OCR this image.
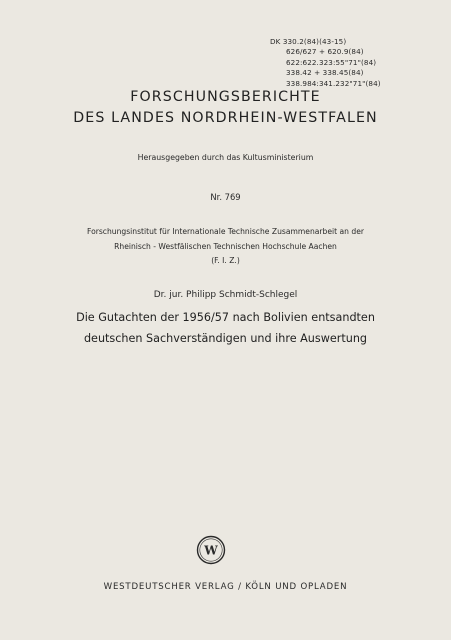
DK 330.2(84)(43-15)
626/627 + 620.9(84)
622:622.323:55"71"(84)
338.42 + 338.45(84)
338.984:341.232"71"(84)
FORSCHUNGSBERICHTE
DES LANDES NORDRHEIN-WESTFALEN
Herausgegeben durch das Kultusministerium
Nr. 769
Forschungsinstitut für Internationale Technische Zusammenarbeit an der
Rheinisch - Westfälischen Technischen Hochschule Aachen
(F. I. Z.)
Dr. jur. Philipp Schmidt-Schlegel
Die Gutachten der 1956/57 nach Bolivien entsandten
deutschen Sachverständigen und ihre Auswertung
W
WESTDEUTSCHER VERLAG / KÖLN UND OPLADEN
